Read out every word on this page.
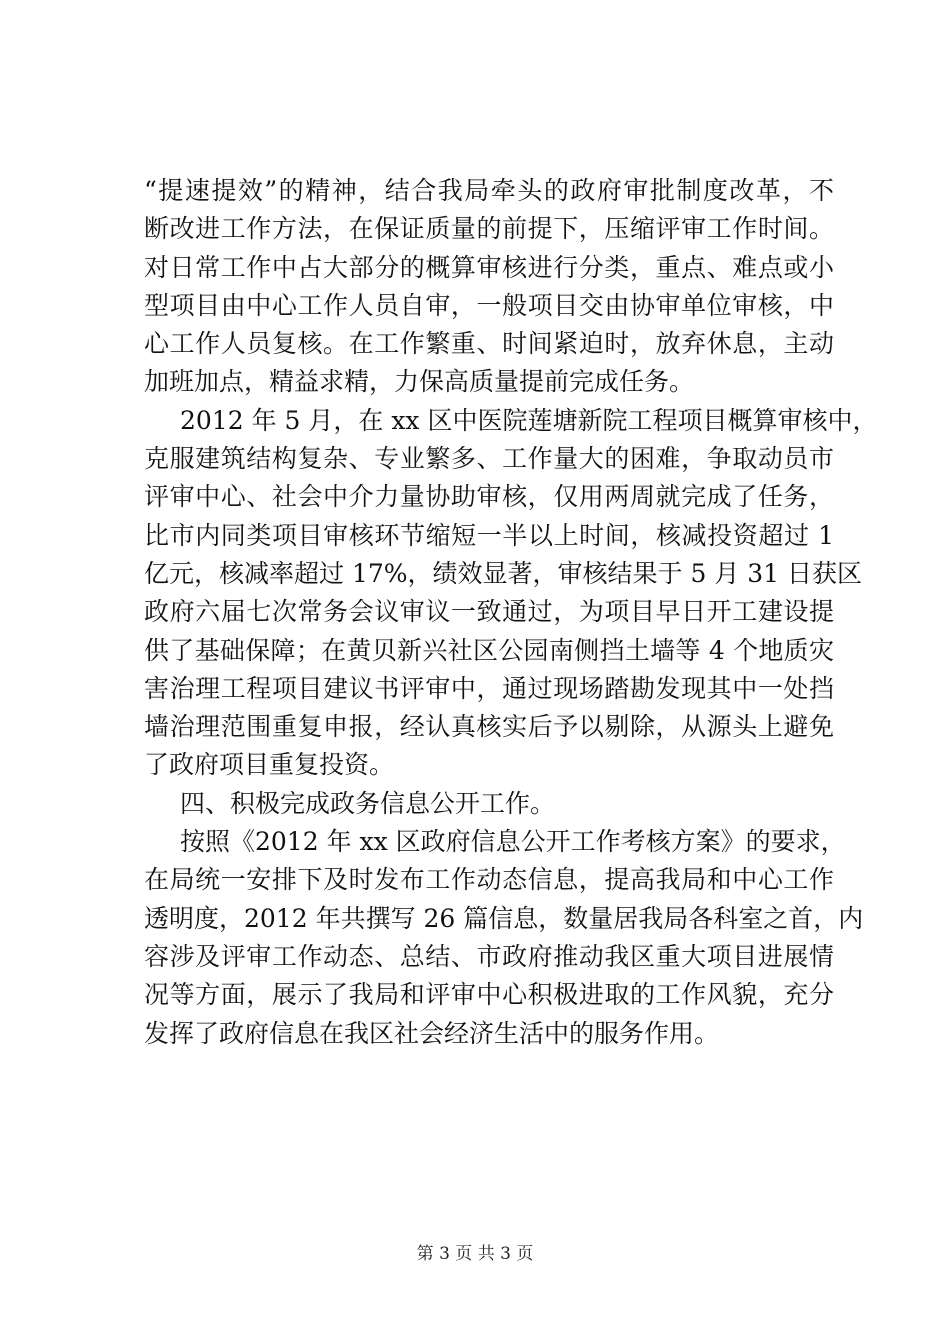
“提速提效”的精神，结合我局牵头的政府审批制度改革，不
断改进工作方法，在保证质量的前提下，压缩评审工作时间。
对日常工作中占大部分的概算审核进行分类，重点、难点或小
型项目由中心工作人员自审，一般项目交由协审单位审核，中
心工作人员复核。在工作繁重、时间紧迫时，放弃休息，主动
加班加点，精益求精，力保高质量提前完成任务。
2012 年 5 月，在 xx 区中医院莲塘新院工程项目概算审核中，
克服建筑结构复杂、专业繁多、工作量大的困难，争取动员市
评审中心、社会中介力量协助审核，仅用两周就完成了任务，
比市内同类项目审核环节缩短一半以上时间，核减投资超过 1
亿元，核减率超过 17%，绩效显著，审核结果于 5 月 31 日获区
政府六届七次常务会议审议一致通过，为项目早日开工建设提
供了基础保障；在黄贝新兴社区公园南侧挡土墙等 4 个地质灾
害治理工程项目建议书评审中，通过现场踏勘发现其中一处挡
墙治理范围重复申报，经认真核实后予以剔除，从源头上避免
了政府项目重复投资。
四、积极完成政务信息公开工作。
按照《2012 年 xx 区政府信息公开工作考核方案》的要求，
在局统一安排下及时发布工作动态信息，提高我局和中心工作
透明度，2012 年共撰写 26 篇信息，数量居我局各科室之首，内
容涉及评审工作动态、总结、市政府推动我区重大项目进展情
况等方面，展示了我局和评审中心积极进取的工作风貌，充分
发挥了政府信息在我区社会经济生活中的服务作用。
第 3 页 共 3 页
